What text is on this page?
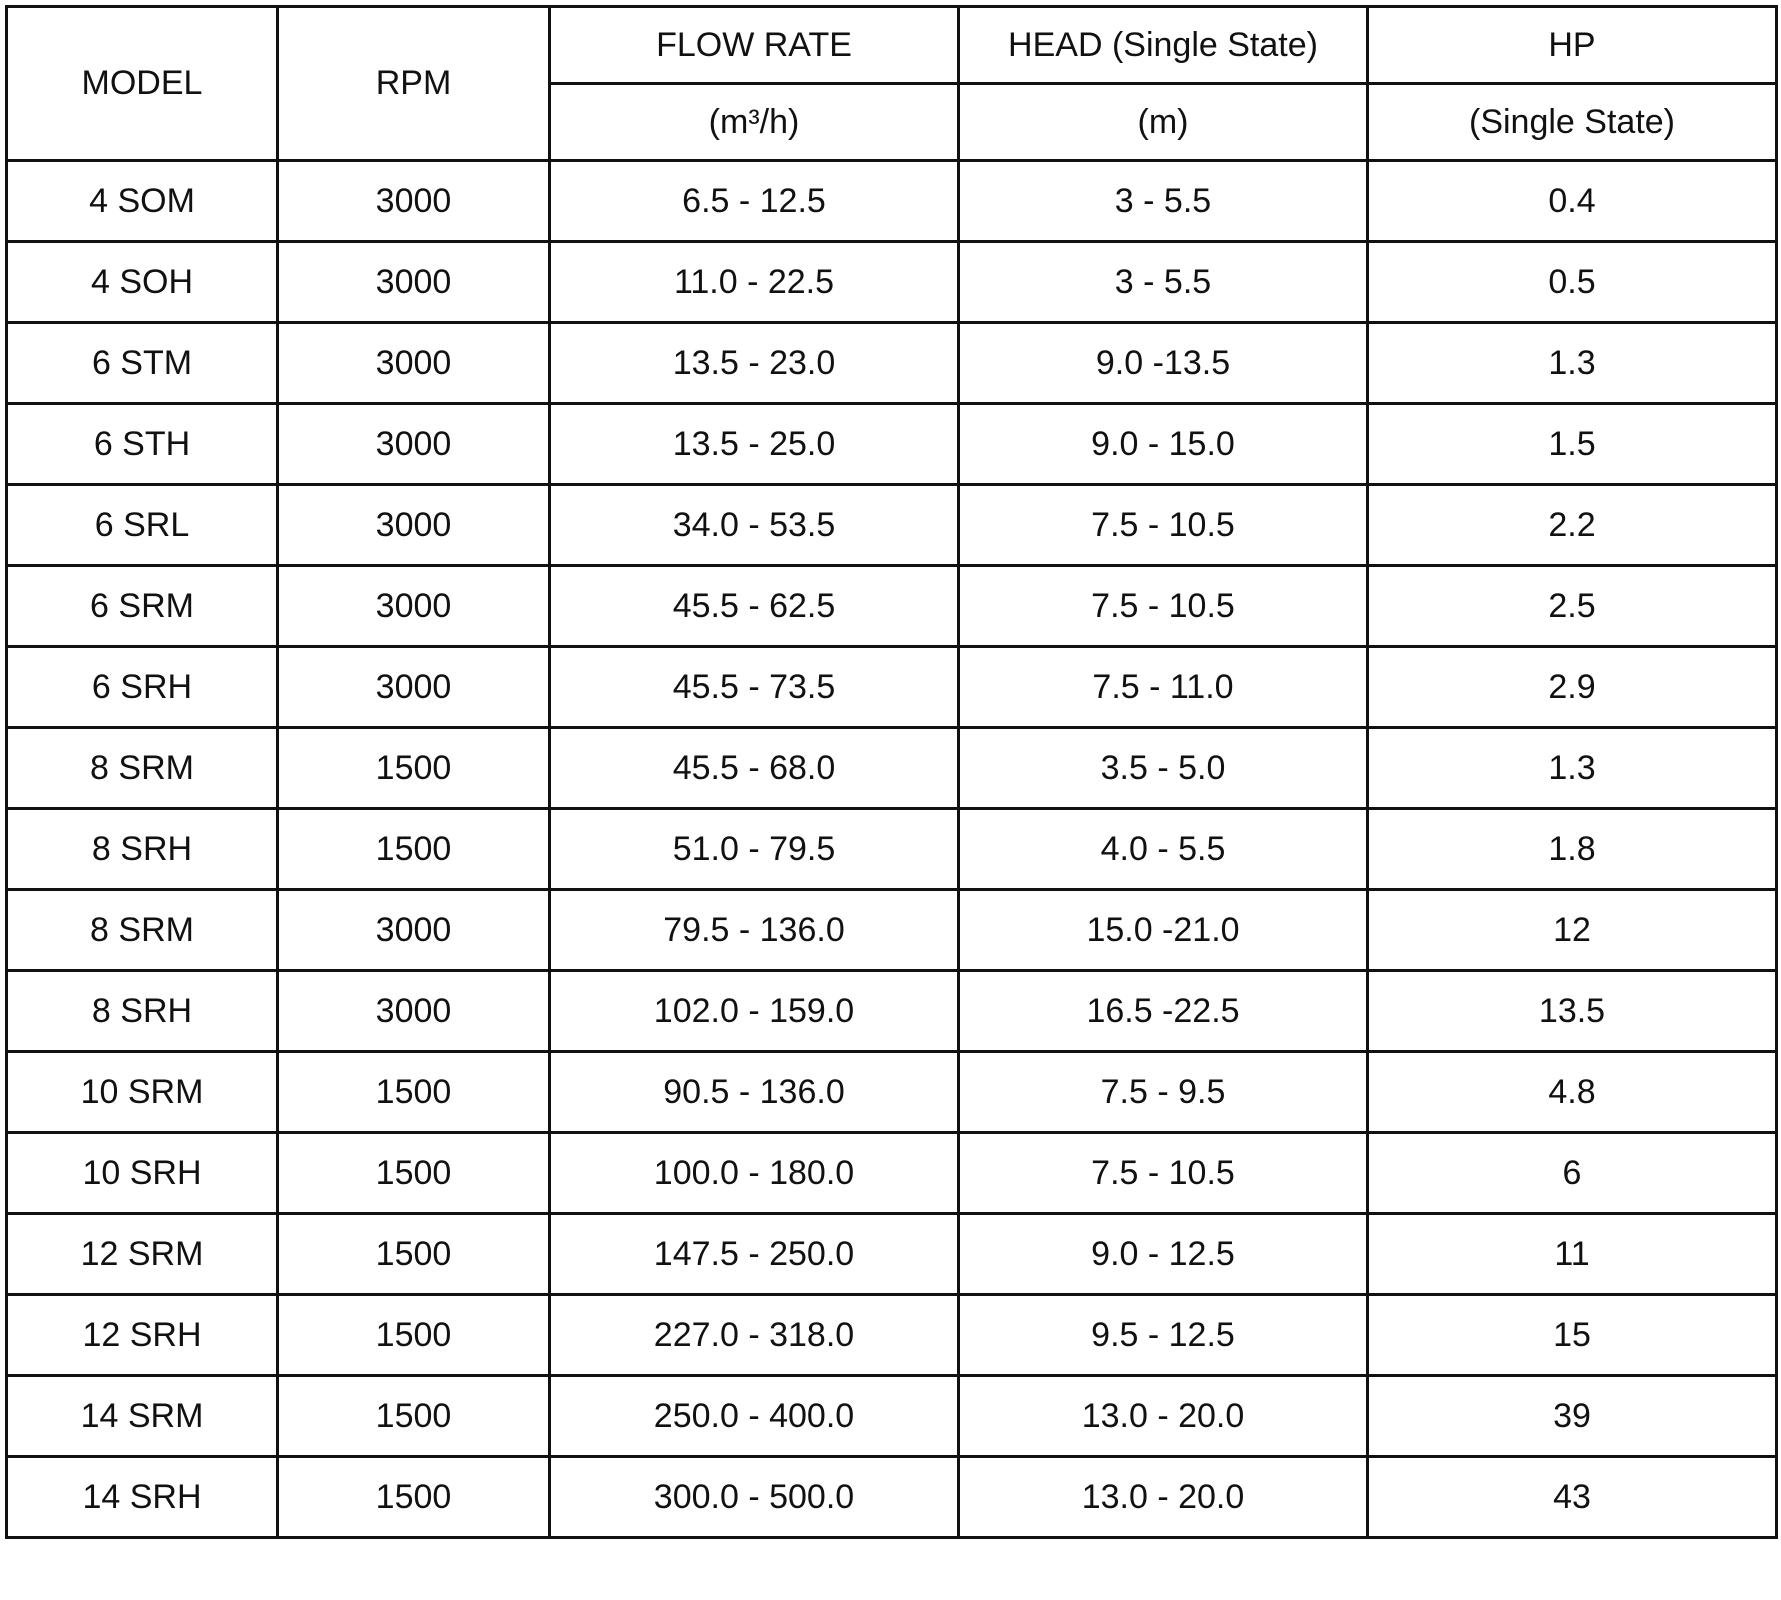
MODEL	RPM	FLOW RATE	HEAD (Single State)	HP
		(m³/h)	(m)	(Single State)
4 SOM	3000	6.5 - 12.5	3 - 5.5	0.4
4 SOH	3000	11.0 - 22.5	3 - 5.5	0.5
6 STM	3000	13.5 - 23.0	9.0 -13.5	1.3
6 STH	3000	13.5 - 25.0	9.0 - 15.0	1.5
6 SRL	3000	34.0 - 53.5	7.5 - 10.5	2.2
6 SRM	3000	45.5 - 62.5	7.5 - 10.5	2.5
6 SRH	3000	45.5 - 73.5	7.5 - 11.0	2.9
8 SRM	1500	45.5 - 68.0	3.5 - 5.0	1.3
8 SRH	1500	51.0 - 79.5	4.0 - 5.5	1.8
8 SRM	3000	79.5 - 136.0	15.0 -21.0	12
8 SRH	3000	102.0 - 159.0	16.5 -22.5	13.5
10 SRM	1500	90.5 - 136.0	7.5 - 9.5	4.8
10 SRH	1500	100.0 - 180.0	7.5 - 10.5	6
12 SRM	1500	147.5 - 250.0	9.0 - 12.5	11
12 SRH	1500	227.0 - 318.0	9.5 - 12.5	15
14 SRM	1500	250.0 - 400.0	13.0 - 20.0	39
14 SRH	1500	300.0 - 500.0	13.0 - 20.0	43
